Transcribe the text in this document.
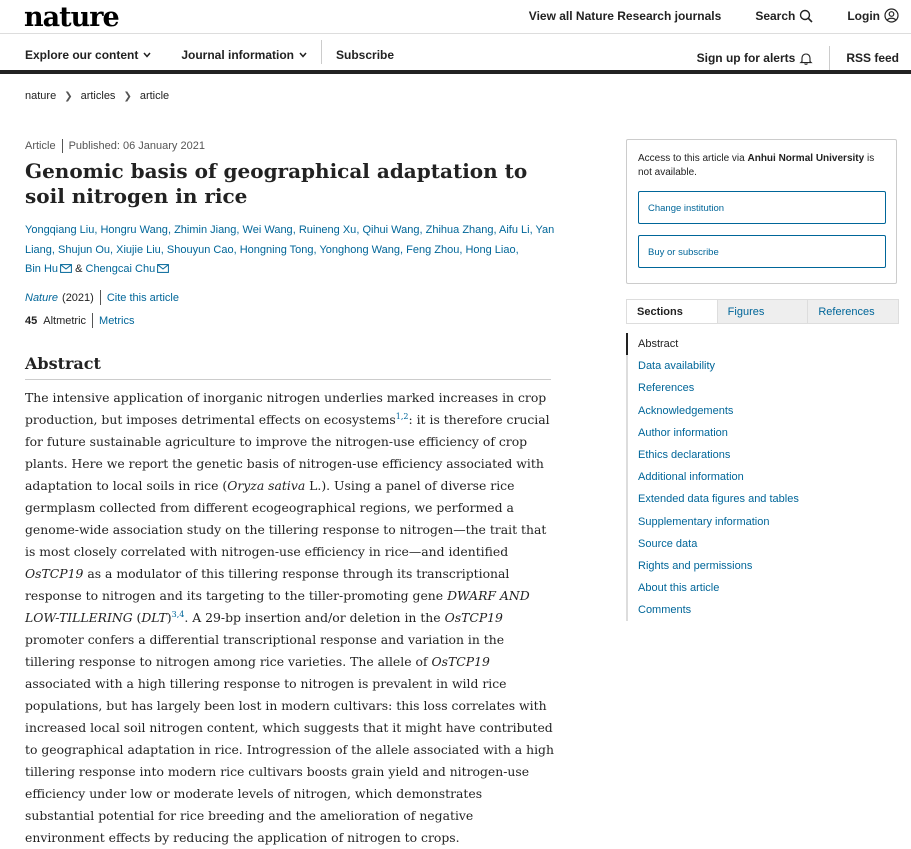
nature	View all Nature Research journals	Search	Login
Explore our content	Journal information	Subscribe	Sign up for alerts	RSS feed
nature ❯ articles ❯ article
Article Published: 06 January 2021
Genomic basis of geographical adaptation to soil nitrogen in rice
Yongqiang Liu, Hongru Wang, Zhimin Jiang, Wei Wang, Ruineng Xu, Qihui Wang, Zhihua Zhang, Aifu Li, Yan Liang, Shujun Ou, Xiujie Liu, Shouyun Cao, Hongning Tong, Yonghong Wang, Feng Zhou, Hong Liao,
Bin Hu & Chengcai Chu
Nature (2021) Cite this article
45 Altmetric Metrics
Abstract

The intensive application of inorganic nitrogen underlies marked increases in crop production, but imposes detrimental effects on ecosystems$^{1,2}$: it is therefore crucial for future sustainable agriculture to improve the nitrogen-use efficiency of crop plants. Here we report the genetic basis of nitrogen-use efficiency associated with adaptation to local soils in rice (Oryza sativa L.). Using a panel of diverse rice germplasm collected from different ecogeographical regions, we performed a genome-wide association study on the tillering response to nitrogen—the trait that is most closely correlated with nitrogen-use efficiency in rice—and identified OsTCP19 as a modulator of this tillering response through its transcriptional response to nitrogen and its targeting to the tiller-promoting gene DWARF AND LOW-TILLERING (DLT)$^{3,4}$. A 29-bp insertion and/or deletion in the OsTCP19 promoter confers a differential transcriptional response and variation in the tillering response to nitrogen among rice varieties. The allele of OsTCP19 associated with a high tillering response to nitrogen is prevalent in wild rice populations, but has largely been lost in modern cultivars: this loss correlates with increased local soil nitrogen content, which suggests that it might have contributed to geographical adaptation in rice. Introgression of the allele associated with a high tillering response into modern rice cultivars boosts grain yield and nitrogen-use efficiency under low or moderate levels of nitrogen, which demonstrates substantial potential for rice breeding and the amelioration of negative environment effects by reducing the application of nitrogen to crops.

Access to this article via Anhui Normal University is not available.
Change institution
Buy or subscribe
Sections	Figures	References
Abstract
Data availability
References
Acknowledgements
Author information
Ethics declarations
Additional information
Extended data figures and tables
Supplementary information
Source data
Rights and permissions
About this article
Comments
